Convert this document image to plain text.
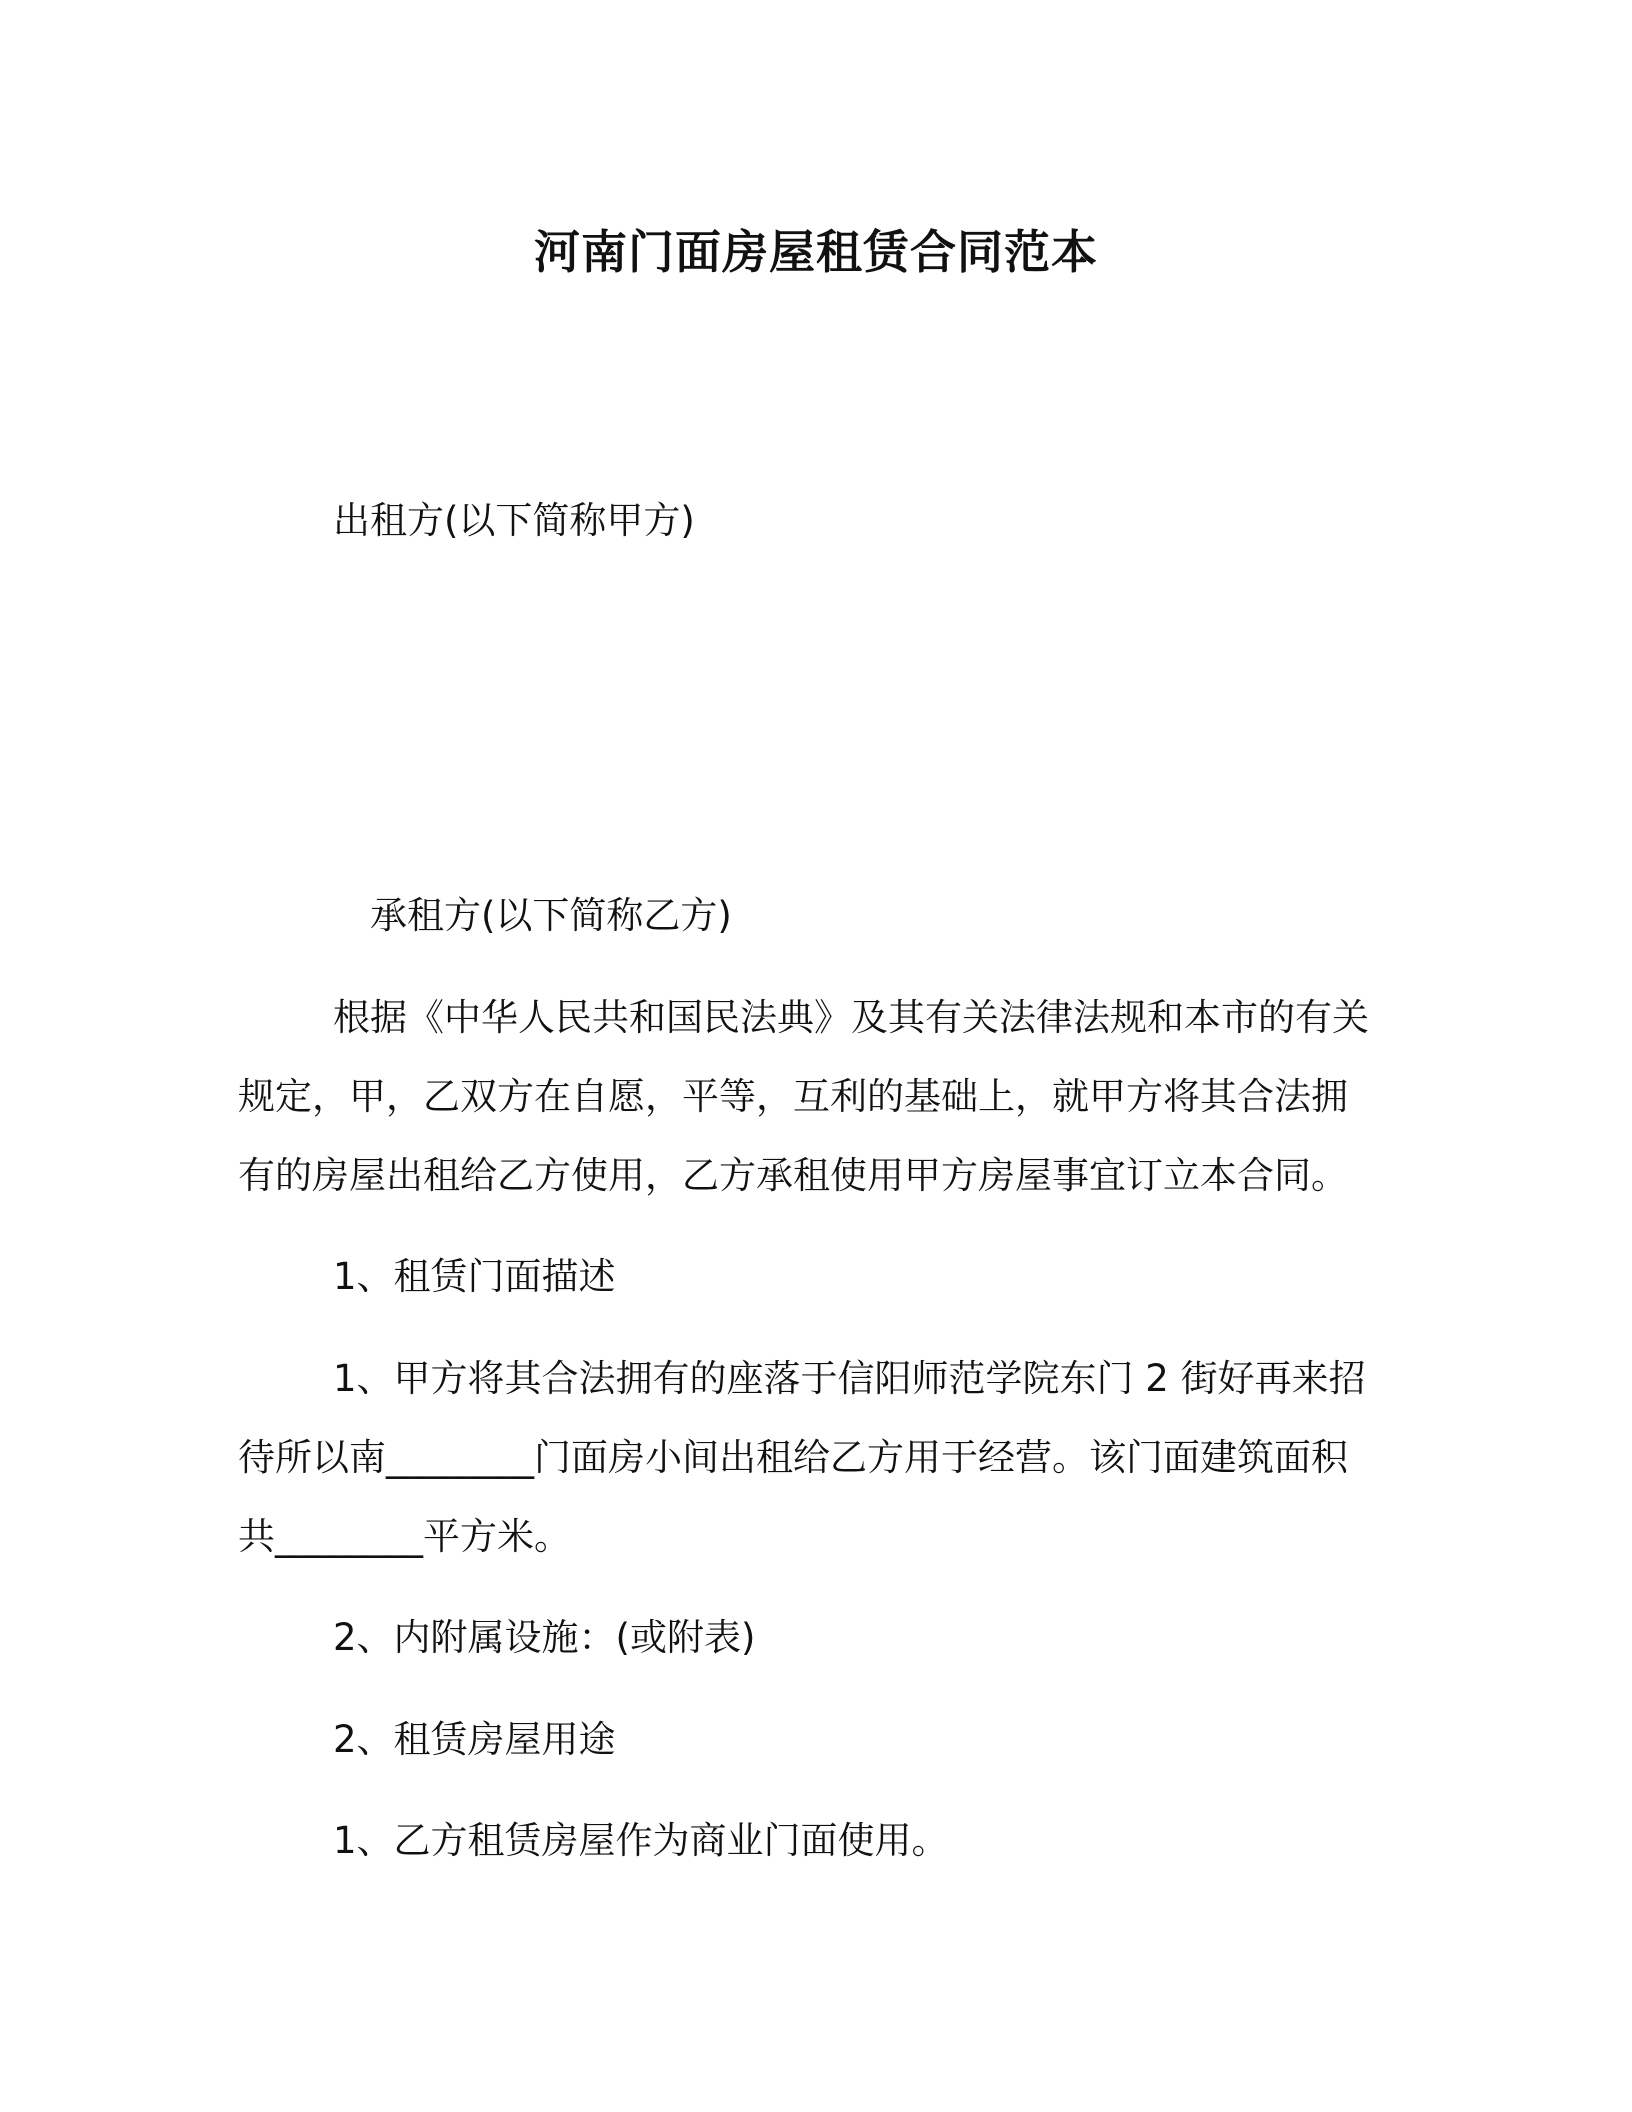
河南门面房屋租赁合同范本
出租方(以下简称甲方)
承租方(以下简称乙方)
根据《中华人民共和国民法典》及其有关法律法规和本市的有关
规定，甲，乙双方在自愿，平等，互利的基础上，就甲方将其合法拥
有的房屋出租给乙方使用，乙方承租使用甲方房屋事宜订立本合同。
1、租赁门面描述
1、甲方将其合法拥有的座落于信阳师范学院东门 2 街好再来招
待所以南________门面房小间出租给乙方用于经营。该门面建筑面积
共________平方米。
2、内附属设施：(或附表)
2、租赁房屋用途
1、乙方租赁房屋作为商业门面使用。
